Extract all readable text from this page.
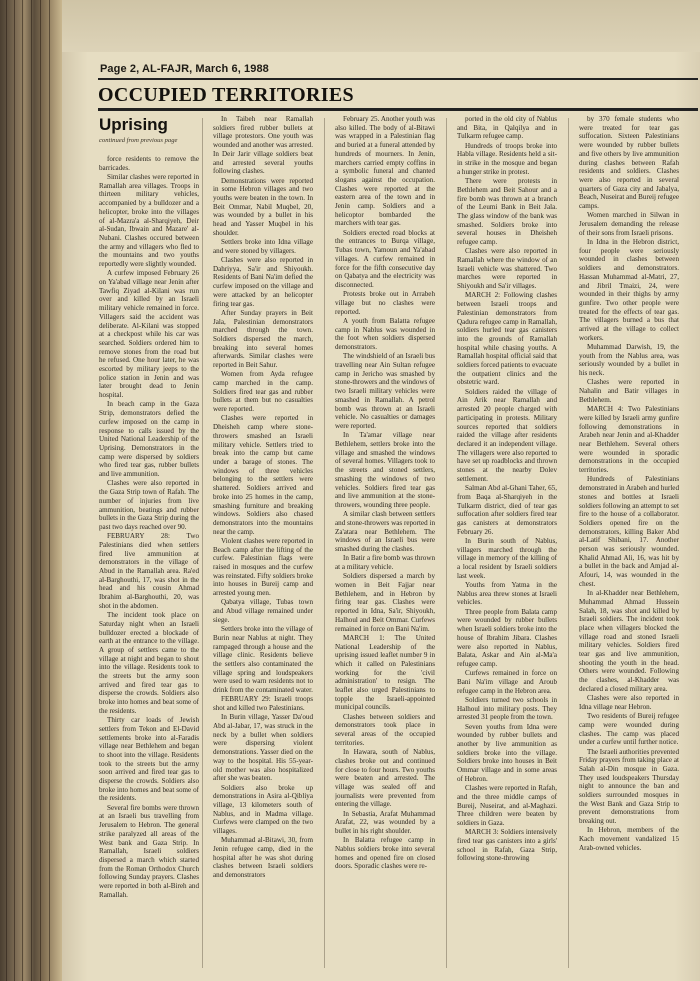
Page 2, AL-FAJR, March 6, 1988

OCCUPIED TERRITORIES

Uprising

continued from previous page

force residents to remove the barricades.

Similar clashes were reported in Ramallah area villages. Troops in thirteen military vehicles, accompanied by a bulldozer and a helicopter, broke into the villages of al-Mazra'a al-Sharqiyeh, Deir al-Sudan, Ibwain and Mazare' al-Nubani. Clashes occured between the army and villagers who fled to the mountains and two youths reportedly were slightly wounded.

A curfew imposed February 26 on Ya'abad village near Jenin after Tawfiq Ziyad al-Kilani was run over and killed by an Israeli military vehicle remained in force. Villagers said the accident was deliberate. Al-Kilani was stopped at a checkpost while his car was searched. Soldiers ordered him to remove stones from the road but he refused. One hour later, he was escorted by military jeeps to the police station in Jenin and was later brought dead to Jenin hospital.

In beach camp in the Gaza Strip, demonstrators defied the curfew imposed on the camp in response to calls issued by the United National Leadership of the Uprising. Demonstrators in the camp were dispersed by soldiers who fired tear gas, rubber bullets and live ammunition.

Clashes were also reported in the Gaza Strip town of Rafah. The number of injuries from live ammunition, beatings and rubber bullets in the Gaza Strip during the past two days reached over 90.

FEBRUARY 28: Two Palestinians died when settlers fired live ammunition at demonstrators in the village of Abud in the Ramallah area. Ra'ed al-Barghouthi, 17, was shot in the head and his cousin Ahmad Ibrahim al-Barghouthi, 20, was shot in the abdomen.

The incident took place on Saturday night when an Israeli bulldozer erected a blockade of earth at the entrance to the village. A group of settlers came to the village at night and began to shout into the village. Residents took to the streets but the army soon arrived and fired tear gas to disperse the crowds. Soldiers also broke into homes and beat some of the residents.

Thirty car loads of Jewish settlers from Tekon and El-David settlements broke into al-Faradis village near Bethlehem and began to shoot into the village. Residents took to the streets but the army soon arrived and fired tear gas to disperse the crowds. Soldiers also broke into homes and beat some of the residents.

Several fire bombs were thrown at an Israeli bus travelling from Jerusalem to Hebron. The general strike paralyzed all areas of the West bank and Gaza Strip. In Ramallah, Israeli soldiers dispersed a march which started from the Roman Orthodox Church following Sunday prayers. Clashes were reported in both al-Bireh and Ramallah.

In Taibeh near Ramallah soldiers fired rubber bullets at village protestors. One youth was wounded and another was arrested. In Deir Jarir village soldiers beat and arrested several youths following clashes.

Demonstrations were reported in some Hebron villages and two youths were beaten in the town. In Beit Ommar, Nabil Muqbel, 20, was wounded by a bullet in his head and Yasser Muqbel in his shoulder.

Settlers broke into Idna village and were stoned by villagers.

Clashes were also reported in Dahriyya, Sa'ir and Shiyoukh. Residents of Bani Na'im defied the curfew imposed on the village and were attacked by an helicopter firing tear gas.

After Sunday prayers in Beit Jala, Palestinian demonstrators marched through the town. Soldiers dispersed the march, breaking into several homes afterwards. Similar clashes were reported in Beit Sahur.

Women from Ayda refugee camp marched in the camp. Soldiers fired tear gas and rubber bullets at them but no casualties were reported.

Clashes were reported in Dheisheh camp where stone-throwers smashed an Israeli military vehicle. Settlers tried to break into the camp but came under a barage of stones. The windows of three vehicles belonging to the settlers were shattered. Soldiers arrived and broke into 25 homes in the camp, smashing furniture and breaking windows. Soldiers also chased demonstrators into the mountains near the camp.

Violent clashes were reported in Beach camp after the lifting of the curfew. Palestinian flags were raised in mosques and the curfew was reinstated. Fifty soldiers broke into houses in Bureij camp and arrested young men.

Qabatya village, Tubas town and Abud village remained under siege.

Settlers broke into the village of Burin near Nablus at night. They rampaged through a house and the village clinic. Residents believe the settlers also contaminated the village spring and loudspeakers were used to warn residents not to drink from the contaminated water.

FEBRUARY 29: Israeli troops shot and killed two Palestinians.

In Burin village, Yasser Da'oud Abd al-Jabar, 17, was struck in the neck by a bullet when soldiers were dispersing violent demonstrations. Yasser died on the way to the hospital. His 55-year-old mother was also hospitalized after she was beaten.

Soldiers also broke up demonstrations in Asira al-Qibliya village, 13 kilometers south of Nablus, and in Madma village. Curfews were clamped on the two villages.

Muhammad al-Bitawi, 30, from Jenin refugee camp, died in the hospital after he was shot during clashes between Israeli soldiers and demonstrators

February 25. Another youth was also killed. The body of al-Bitawi was wrapped in a Palestinian flag and buried at a funeral attended by hundreds of mourners. In Jenin, marchers carried empty coffins in a symbolic funeral and chanted slogans against the occupation. Clashes were reported at the eastern area of the town and in Jenin camp. Soldiers and a helicoptor bombarded the marchers with tear gas.

Soldiers erected road blocks at the entrances to Burqa village, Tubas town, Yamoun and Ya'abad villages. A curfew remained in force for the fifth consecutive day on Qabatya and the electricity was disconnected.

Protests broke out in Arrabeh village but no clashes were reported.

A youth from Balatta refugee camp in Nablus was wounded in the foot when soldiers dispersed demonstrators.

The windshield of an Israeli bus travelling near Ain Sultan refugee camp in Jericho was smashed by stone-throwers and the windows of two Israeli military vehicles were smashed in Ramallah. A petrol bomb was thrown at an Israeli vehicle. No casualties or damages were reported.

In Ta'amar village near Bethlehem, settlers broke into the village and smashed the windows of several homes. Villagers took to the streets and stoned settlers, smashing the windows of two vehicles. Soldiers fired tear gas and live ammunition at the stone-throwers, wounding three people.

A similar clash between settlers and stone-throwers was reported in Za'atara near Bethlehem. The windows of an Israeli bus were smashed during the clashes.

In Batir a fire bomb was thrown at a military vehicle.

Soldiers dispersed a march by women in Beit Fajjar near Bethlehem, and in Hebron by firing tear gas. Clashes were reported in Idna, Sa'ir, Shiyoukh, Halhoul and Beit Ommar. Curfews remained in force on Bani Na'im.

MARCH 1: The United National Leadership of the uprising issued leaflet number 9 in which it called on Palestinians working for the 'civil administration' to resign. The leaflet also urged Palestinians to topple the Israeli-appointed municipal councils.

Clashes between soldiers and demonstrators took place in several areas of the occupied territories.

In Hawara, south of Nablus, clashes broke out and continued for close to four hours. Two youths were beaten and arrested. The village was sealed off and journalists were prevented from entering the village.

In Sebastia, Arafat Muhammad Arafat, 22, was wounded by a bullet in his right shoulder.

In Balatta refugee camp in Nablus soldiers broke into several homes and opened fire on closed doors. Sporadic clashes were re-

ported in the old city of Nablus and Bita, in Qalqilya and in Tulkarm refugee camp.

Hundreds of troops broke into Habla village. Residents held a sit-in strike in the mosque and began a hunger strike in protest.

There were protests in Bethlehem and Beit Sahour and a fire bomb was thrown at a branch of the Leumi Bank in Beit Jala. The glass window of the bank was smashed. Soldiers broke into several houses in Dheisheh refugee camp.

Clashes were also reported in Ramallah where the window of an Israeli vehicle was shattered. Two marches were reported in Shiyoukh and Sa'ir villages.

MARCH 2: Following clashes between Israeli troops and Palestinian demonstrators from Qadura refugee camp in Ramallah, soldiers hurled tear gas canisters into the grounds of Ramallah hospital while chasing youths. A Ramallah hospital official said that soldiers forced patients to evacuate the outpatient clinics and the obstetric ward.

Soldiers raided the village of Ain Arik near Ramallah and arrested 20 people charged with participating in protests. Military sources reported that soldiers raided the village after residents declared it an independent village. The villagers were also reported to have set up roadblocks and thrown stones at the nearby Dolev settlement.

Salman Abd al-Ghani Taher, 65, from Baqa al-Sharqiyeh in the Tulkarm district, died of tear gas suffocation after soldiers fired tear gas canisters at demonstrators February 26.

In Burin south of Nablus, villagers marched through the village in memory of the killing of a local resident by Israeli soldiers last week.

Youths from Yatma in the Nablus area threw stones at Israeli vehicles.

Three people from Balata camp were wounded by rubber bullets when Israeli soldiers broke into the house of Ibrahim Jibara. Clashes were also reported in Nablus, Balata, Askar and Ain al-Ma'a refugee camp.

Curfews remained in force on Bani Na'im village and Aroub refugee camp in the Hebron area.

Soldiers turned two schools in Halhoul into military posts. They arrested 31 people from the town.

Seven youths from Idna were wounded by rubber bullets and another by live ammunition as soldiers broke into the village. Soldiers broke into houses in Beit Ommar village and in some areas of Hebron.

Clashes were reported in Rafah, and the three middle camps of Bureij, Nuseirat, and al-Maghazi. Three children were beaten by soldiers in Gaza.

MARCH 3: Soldiers intensively fired tear gas canisters into a girls' school in Rafah, Gaza Strip, following stone-throwing

by 370 female students who were treated for tear gas suffocation. Sixteen Palestinians were wounded by rubber bullets and five others by live ammunition during clashes between Rafah residents and soldiers. Clashes were also reported in several quarters of Gaza city and Jabalya, Beach, Nuseirat and Bureij refugee camps.

Women marched in Silwan in Jerusalem demanding the release of their sons from Israeli prisons.

In Idna in the Hebron district, four people were seriously wounded in clashes between soldiers and demonstrators. Hassan Muhammad al-Matri, 27, and Jibril Tmaizi, 24, were wounded in their thighs by army gunfire. Two other people were treated for the effects of tear gas. The villagers burned a bus that arrived at the village to collect workers.

Muhammad Darwish, 19, the youth from the Nablus area, was seriously wounded by a bullet in his neck.

Clashes were reported in Nahalin and Batir villages in Bethlehem.

MARCH 4: Two Palestinians were killed by Israeli army gunfire following demonstrations in Arabeh near Jenin and al-Khadder near Bethlehem. Several others were wounded in sporadic demonstrations in the occupied territories.

Hundreds of Palestinians demonstrated in Arabeh and hurled stones and bottles at Israeli soldiers following an attempt to set fire to the house of a collaborator. Soldiers opened fire on the demonstrators, killing Baker Abd al-Latif Shibani, 17. Another person was seriously wounded. Khalid Ahmad Ali, 16, was hit by a bullet in the back and Amjad al-Afouri, 14, was wounded in the chest.

In al-Khadder near Bethlehem, Muhammad Ahmad Hussein Salah, 18, was shot and killed by Israeli soldiers. The incident took place when villagers blocked the village road and stoned Israeli military vehicles. Soldiers fired tear gas and live ammunition, shooting the youth in the head. Others were wounded. Following the clashes, al-Khadder was declared a closed military area.

Clashes were also reported in Idna village near Hebron.

Two residents of Bureij refugee camp were wounded during clashes. The camp was placed under a curfew until further notice.

The Israeli authorities prevented Friday prayers from taking place at Salah al-Din mosque in Gaza. They used loudspeakers Thursday night to announce the ban and soldiers surrounded mosques in the West Bank and Gaza Strip to prevent demonstrations from breaking out.

In Hebron, members of the Kach movement vandalized 15 Arab-owned vehicles.
